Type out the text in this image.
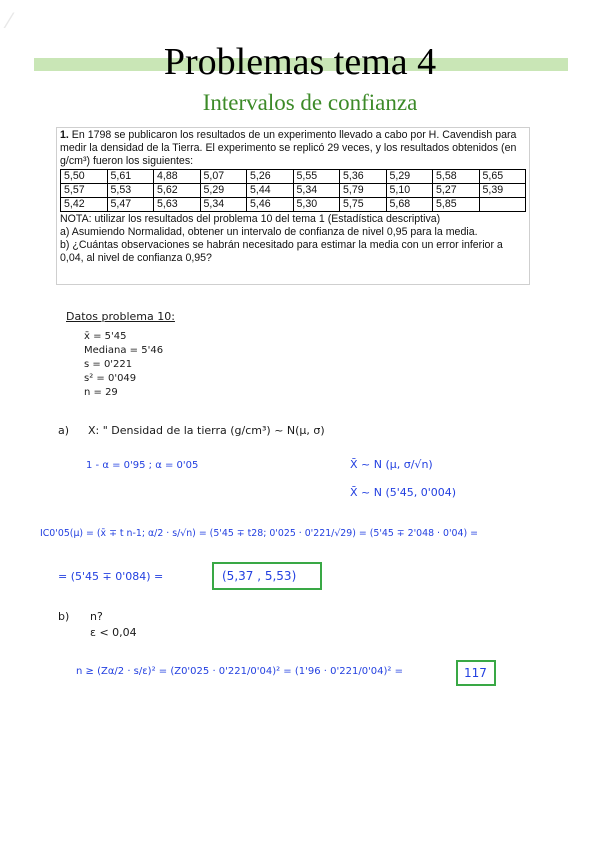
⁄
Problemas tema 4
Intervalos de confianza

1. En 1798 se publicaron los resultados de un experimento llevado a cabo por H. Cavendish para medir la densidad de la Tierra. El experimento se replicó 29 veces, y los resultados obtenidos (en g/cm³) fueron los siguientes:

5,50	5,61	4,88	5,07	5,26	5,55	5,36	5,29	5,58	5,65
5,57	5,53	5,62	5,29	5,44	5,34	5,79	5,10	5,27	5,39
5,42	5,47	5,63	5,34	5,46	5,30	5,75	5,68	5,85	

NOTA: utilizar los resultados del problema 10 del tema 1 (Estadística descriptiva)

a) Asumiendo Normalidad, obtener un intervalo de confianza de nivel 0,95 para la media.

b) ¿Cuántas observaciones se habrán necesitado para estimar la media con un error inferior a 0,04, al nivel de confianza 0,95?

Datos problema 10:
x̄ = 5'45
Mediana = 5'46
s = 0'221
s² = 0'049
n = 29
a) X: " Densidad de la tierra (g/cm³) ~ N(μ, σ)
1 - α = 0'95 ; α = 0'05	X̄ ~ N (μ, σ/√n)
X̄ ~ N (5'45, 0'004)
IC0'05(μ) = (x̄ ∓ t n-1; α/2 · s/√n) = (5'45 ∓ t28; 0'025 · 0'221/√29) = (5'45 ∓ 2'048 · 0'04) =
= (5'45 ∓ 0'084) =	(5,37 , 5,53)
b) n?
ε < 0,04
n ≥ (Zα/2 · s/ε)² = (Z0'025 · 0'221/0'04)² = (1'96 · 0'221/0'04)² =	117
